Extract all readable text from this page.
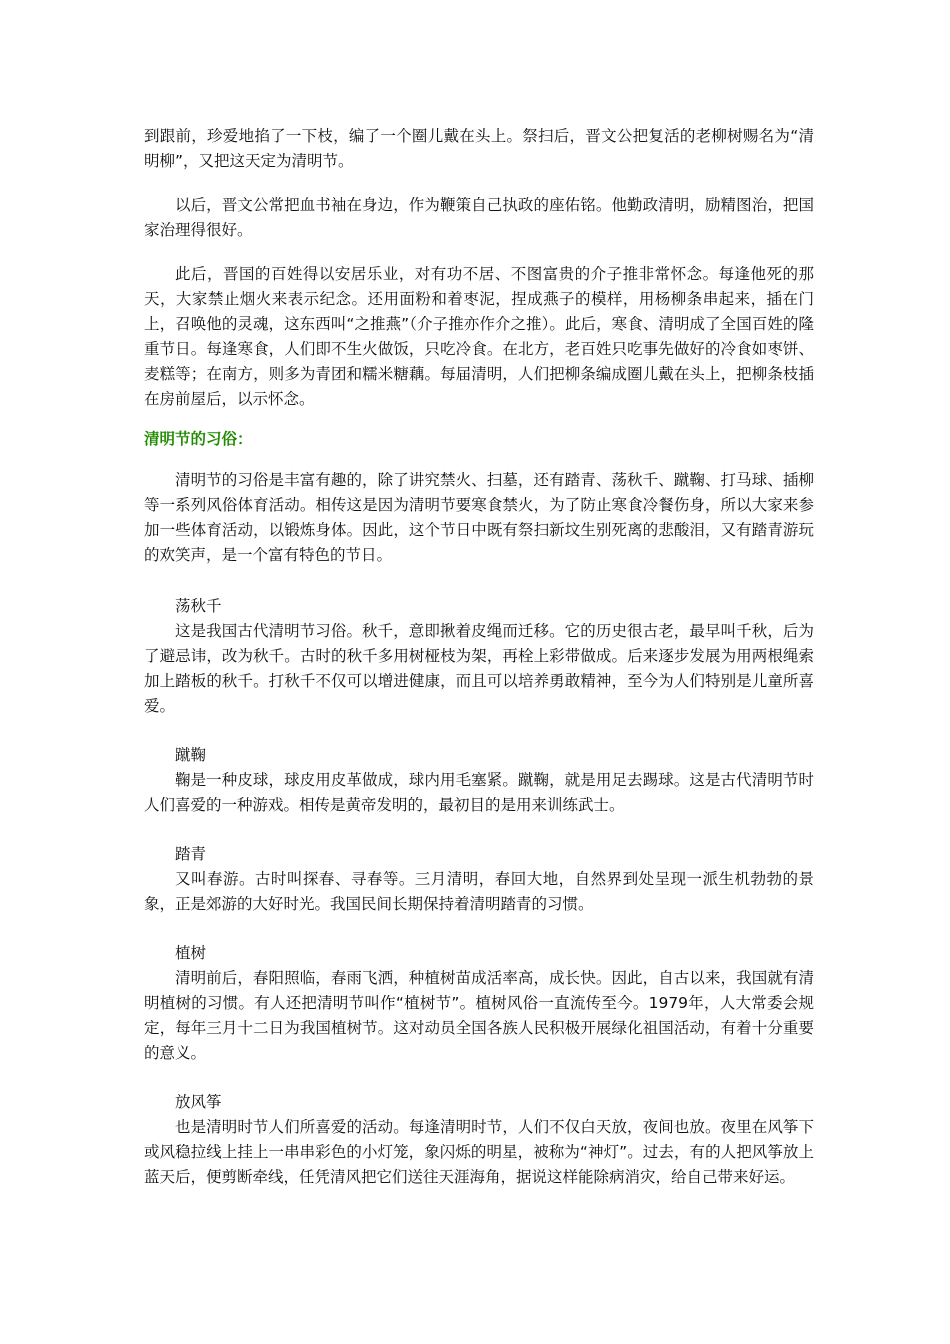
到跟前，珍爱地掐了一下枝，编了一个圈儿戴在头上。祭扫后，晋文公把复活的老柳树赐名为“清明柳”，又把这天定为清明节。

以后，晋文公常把血书袖在身边，作为鞭策自己执政的座佑铭。他勤政清明，励精图治，把国家治理得很好。

此后，晋国的百姓得以安居乐业，对有功不居、不图富贵的介子推非常怀念。每逢他死的那天，大家禁止烟火来表示纪念。还用面粉和着枣泥，捏成燕子的模样，用杨柳条串起来，插在门上，召唤他的灵魂，这东西叫“之推燕”（介子推亦作介之推）。此后，寒食、清明成了全国百姓的隆重节日。每逢寒食，人们即不生火做饭，只吃冷食。在北方，老百姓只吃事先做好的冷食如枣饼、麦糕等；在南方，则多为青团和糯米糖藕。每届清明，人们把柳条编成圈儿戴在头上，把柳条枝插在房前屋后，以示怀念。

清明节的习俗：

清明节的习俗是丰富有趣的，除了讲究禁火、扫墓，还有踏青、荡秋千、蹴鞠、打马球、插柳等一系列风俗体育活动。相传这是因为清明节要寒食禁火，为了防止寒食冷餐伤身，所以大家来参加一些体育活动，以锻炼身体。因此，这个节日中既有祭扫新坟生别死离的悲酸泪，又有踏青游玩的欢笑声，是一个富有特色的节日。

荡秋千

这是我国古代清明节习俗。秋千，意即揪着皮绳而迁移。它的历史很古老，最早叫千秋，后为了避忌讳，改为秋千。古时的秋千多用树桠枝为架，再栓上彩带做成。后来逐步发展为用两根绳索加上踏板的秋千。打秋千不仅可以增进健康，而且可以培养勇敢精神，至今为人们特别是儿童所喜爱。

蹴鞠

鞠是一种皮球，球皮用皮革做成，球内用毛塞紧。蹴鞠，就是用足去踢球。这是古代清明节时人们喜爱的一种游戏。相传是黄帝发明的，最初目的是用来训练武士。

踏青

又叫春游。古时叫探春、寻春等。三月清明，春回大地，自然界到处呈现一派生机勃勃的景象，正是郊游的大好时光。我国民间长期保持着清明踏青的习惯。

植树

清明前后，春阳照临，春雨飞洒，种植树苗成活率高，成长快。因此，自古以来，我国就有清明植树的习惯。有人还把清明节叫作“植树节”。植树风俗一直流传至今。1979年，人大常委会规定，每年三月十二日为我国植树节。这对动员全国各族人民积极开展绿化祖国活动，有着十分重要的意义。

放风筝

也是清明时节人们所喜爱的活动。每逢清明时节，人们不仅白天放，夜间也放。夜里在风筝下或风稳拉线上挂上一串串彩色的小灯笼，象闪烁的明星，被称为“神灯”。过去，有的人把风筝放上蓝天后，便剪断牵线，任凭清风把它们送往天涯海角，据说这样能除病消灾，给自己带来好运。
